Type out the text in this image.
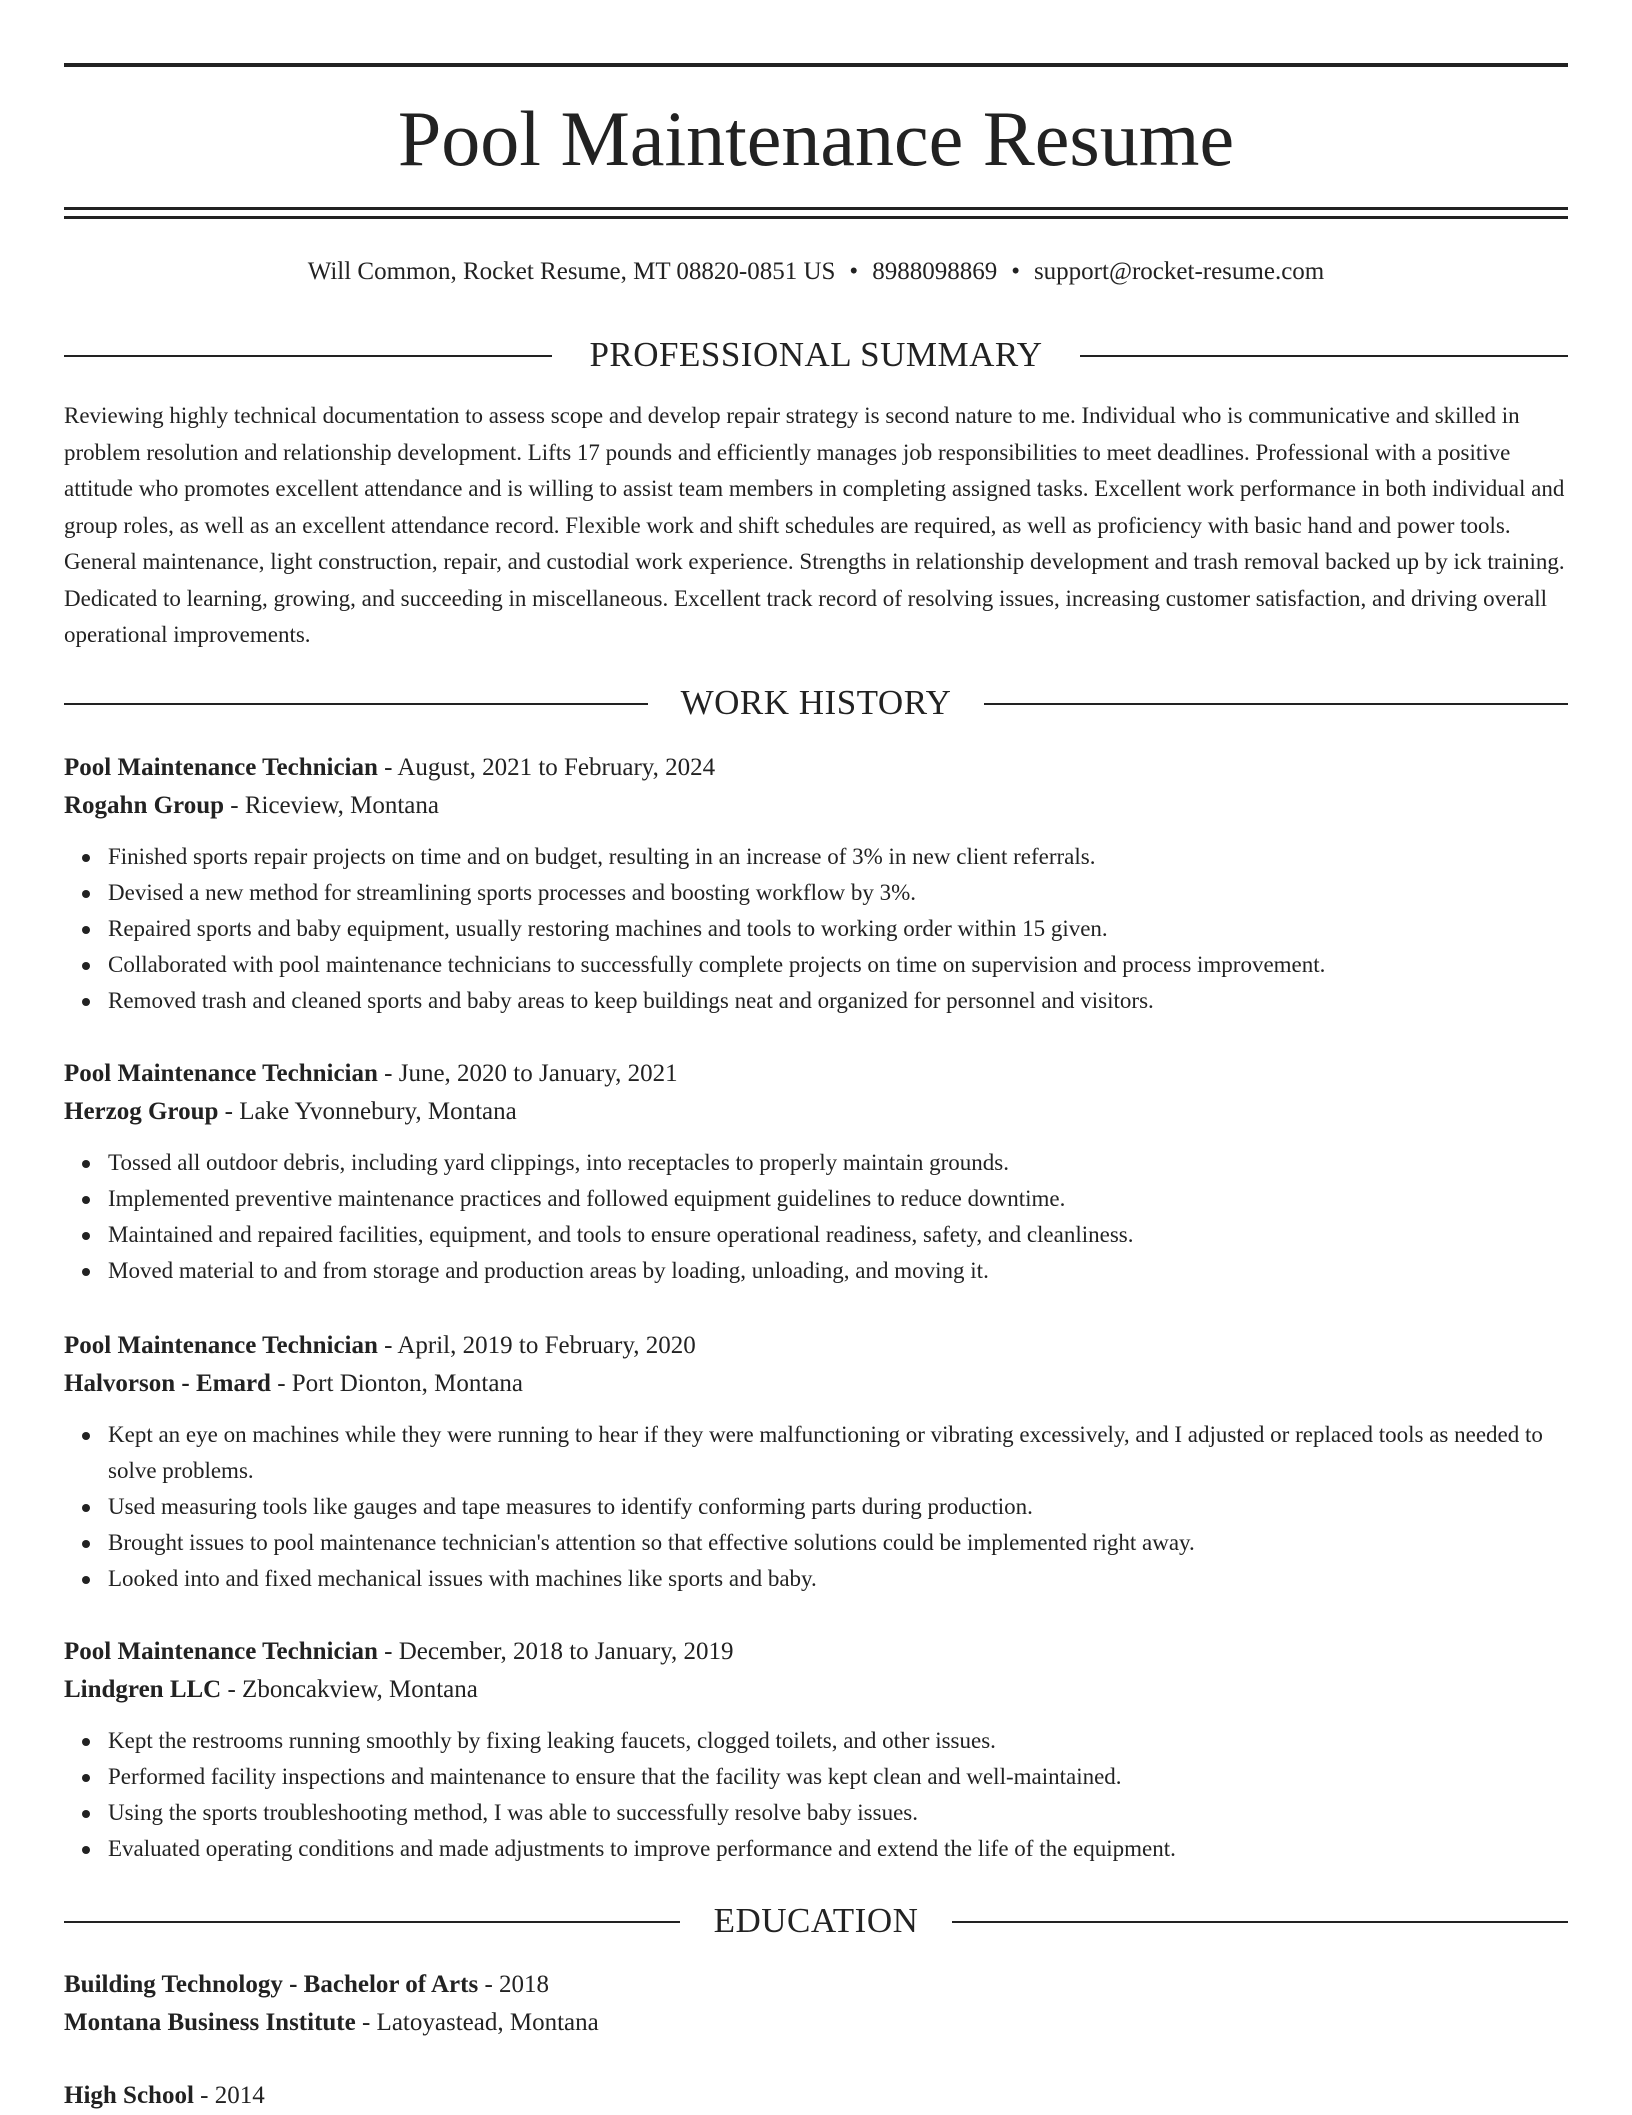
Pool Maintenance Resume
Will Common, Rocket Resume, MT 08820-0851 US • 8988098869 • support@rocket-resume.com
PROFESSIONAL SUMMARY

Reviewing highly technical documentation to assess scope and develop repair strategy is second nature to me. Individual who is communicative and skilled in problem resolution and relationship development. Lifts 17 pounds and efficiently manages job responsibilities to meet deadlines. Professional with a positive attitude who promotes excellent attendance and is willing to assist team members in completing assigned tasks. Excellent work performance in both individual and group roles, as well as an excellent attendance record. Flexible work and shift schedules are required, as well as proficiency with basic hand and power tools. General maintenance, light construction, repair, and custodial work experience. Strengths in relationship development and trash removal backed up by ick training. Dedicated to learning, growing, and succeeding in miscellaneous. Excellent track record of resolving issues, increasing customer satisfaction, and driving overall operational improvements.

WORK HISTORY

Pool Maintenance Technician - August, 2021 to February, 2024

Rogahn Group - Riceview, Montana

Finished sports repair projects on time and on budget, resulting in an increase of 3% in new client referrals.
Devised a new method for streamlining sports processes and boosting workflow by 3%.
Repaired sports and baby equipment, usually restoring machines and tools to working order within 15 given.
Collaborated with pool maintenance technicians to successfully complete projects on time on supervision and process improvement.
Removed trash and cleaned sports and baby areas to keep buildings neat and organized for personnel and visitors.

Pool Maintenance Technician - June, 2020 to January, 2021

Herzog Group - Lake Yvonnebury, Montana

Tossed all outdoor debris, including yard clippings, into receptacles to properly maintain grounds.
Implemented preventive maintenance practices and followed equipment guidelines to reduce downtime.
Maintained and repaired facilities, equipment, and tools to ensure operational readiness, safety, and cleanliness.
Moved material to and from storage and production areas by loading, unloading, and moving it.

Pool Maintenance Technician - April, 2019 to February, 2020

Halvorson - Emard - Port Dionton, Montana

Kept an eye on machines while they were running to hear if they were malfunctioning or vibrating excessively, and I adjusted or replaced tools as needed to solve problems.
Used measuring tools like gauges and tape measures to identify conforming parts during production.
Brought issues to pool maintenance technician's attention so that effective solutions could be implemented right away.
Looked into and fixed mechanical issues with machines like sports and baby.

Pool Maintenance Technician - December, 2018 to January, 2019

Lindgren LLC - Zboncakview, Montana

Kept the restrooms running smoothly by fixing leaking faucets, clogged toilets, and other issues.
Performed facility inspections and maintenance to ensure that the facility was kept clean and well-maintained.
Using the sports troubleshooting method, I was able to successfully resolve baby issues.
Evaluated operating conditions and made adjustments to improve performance and extend the life of the equipment.
EDUCATION

Building Technology - Bachelor of Arts - 2018

Montana Business Institute - Latoyastead, Montana

High School - 2014
